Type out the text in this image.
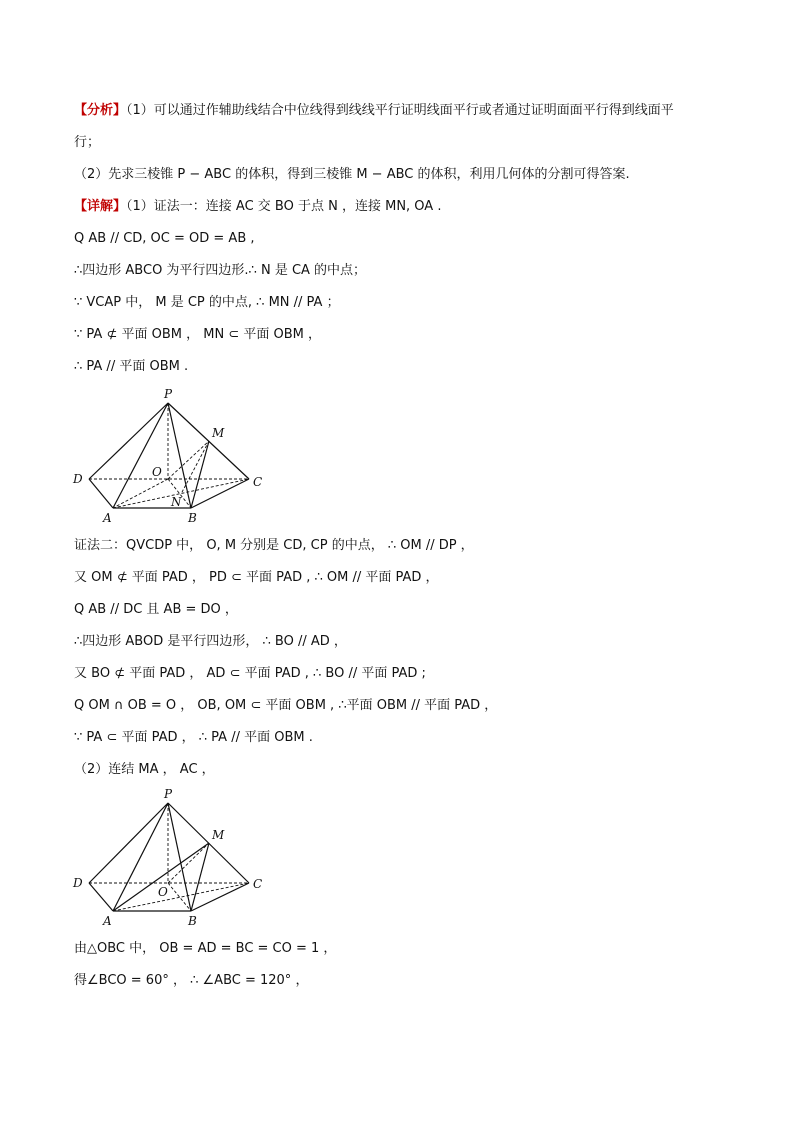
【分析】（1）可以通过作辅助线结合中位线得到线线平行证明线面平行或者通过证明面面平行得到线面平
行；
（2）先求三棱锥 P − ABC 的体积，得到三棱锥 M − ABC 的体积，利用几何体的分割可得答案.
【详解】（1）证法一：连接 AC 交 BO 于点 N ，连接 MN, OA .
Q AB // CD, OC = OD = AB ,
∴四边形 ABCO 为平行四边形.∴ N 是 CA 的中点；
∵ VCAP 中， M 是 CP 的中点, ∴ MN // PA ；
∵ PA ⊄ 平面 OBM ， MN ⊂ 平面 OBM ，
∴ PA // 平面 OBM .
P
M
D	O
C
N
A	B
证法二：QVCDP 中， O, M 分别是 CD, CP 的中点， ∴ OM // DP ，
又 OM ⊄ 平面 PAD ， PD ⊂ 平面 PAD , ∴ OM // 平面 PAD ，
Q AB // DC 且 AB = DO ，
∴四边形 ABOD 是平行四边形， ∴ BO // AD ，
又 BO ⊄ 平面 PAD ， AD ⊂ 平面 PAD , ∴ BO // 平面 PAD ;
Q OM ∩ OB = O ， OB, OM ⊂ 平面 OBM , ∴平面 OBM // 平面 PAD ，
∵ PA ⊂ 平面 PAD ， ∴ PA // 平面 OBM .
（2）连结 MA ， AC ，
P
M
D
O
C
A	B
由△OBC 中， OB = AD = BC = CO = 1 ，
得∠BCO = 60° ， ∴ ∠ABC = 120° ，
